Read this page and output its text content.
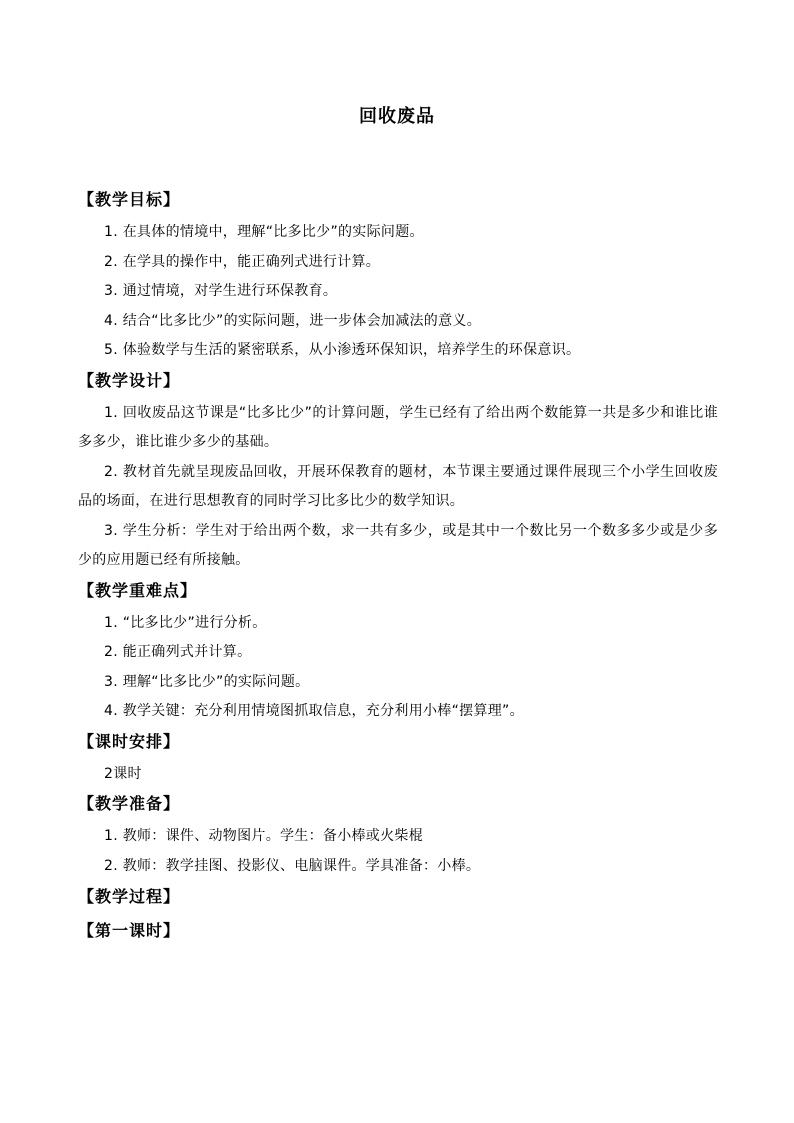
回收废品
【教学目标】
1. 在具体的情境中，理解“比多比少”的实际问题。
2. 在学具的操作中，能正确列式进行计算。
3. 通过情境，对学生进行环保教育。
4. 结合“比多比少”的实际问题，进一步体会加减法的意义。
5. 体验数学与生活的紧密联系，从小渗透环保知识，培养学生的环保意识。
【教学设计】

1. 回收废品这节课是“比多比少”的计算问题，学生已经有了给出两个数能算一共是多少和谁比谁多多少，谁比谁少多少的基础。

2. 教材首先就呈现废品回收，开展环保教育的题材，本节课主要通过课件展现三个小学生回收废品的场面，在进行思想教育的同时学习比多比少的数学知识。

3. 学生分析：学生对于给出两个数，求一共有多少，或是其中一个数比另一个数多多少或是少多少的应用题已经有所接触。

【教学重难点】
1. “比多比少”进行分析。
2. 能正确列式并计算。
3. 理解“比多比少”的实际问题。
4. 教学关键：充分利用情境图抓取信息，充分利用小棒“摆算理”。
【课时安排】

2课时

【教学准备】
1. 教师：课件、动物图片。学生：备小棒或火柴棍
2. 教师：教学挂图、投影仪、电脑课件。学具准备：小棒。
【教学过程】
【第一课时】
